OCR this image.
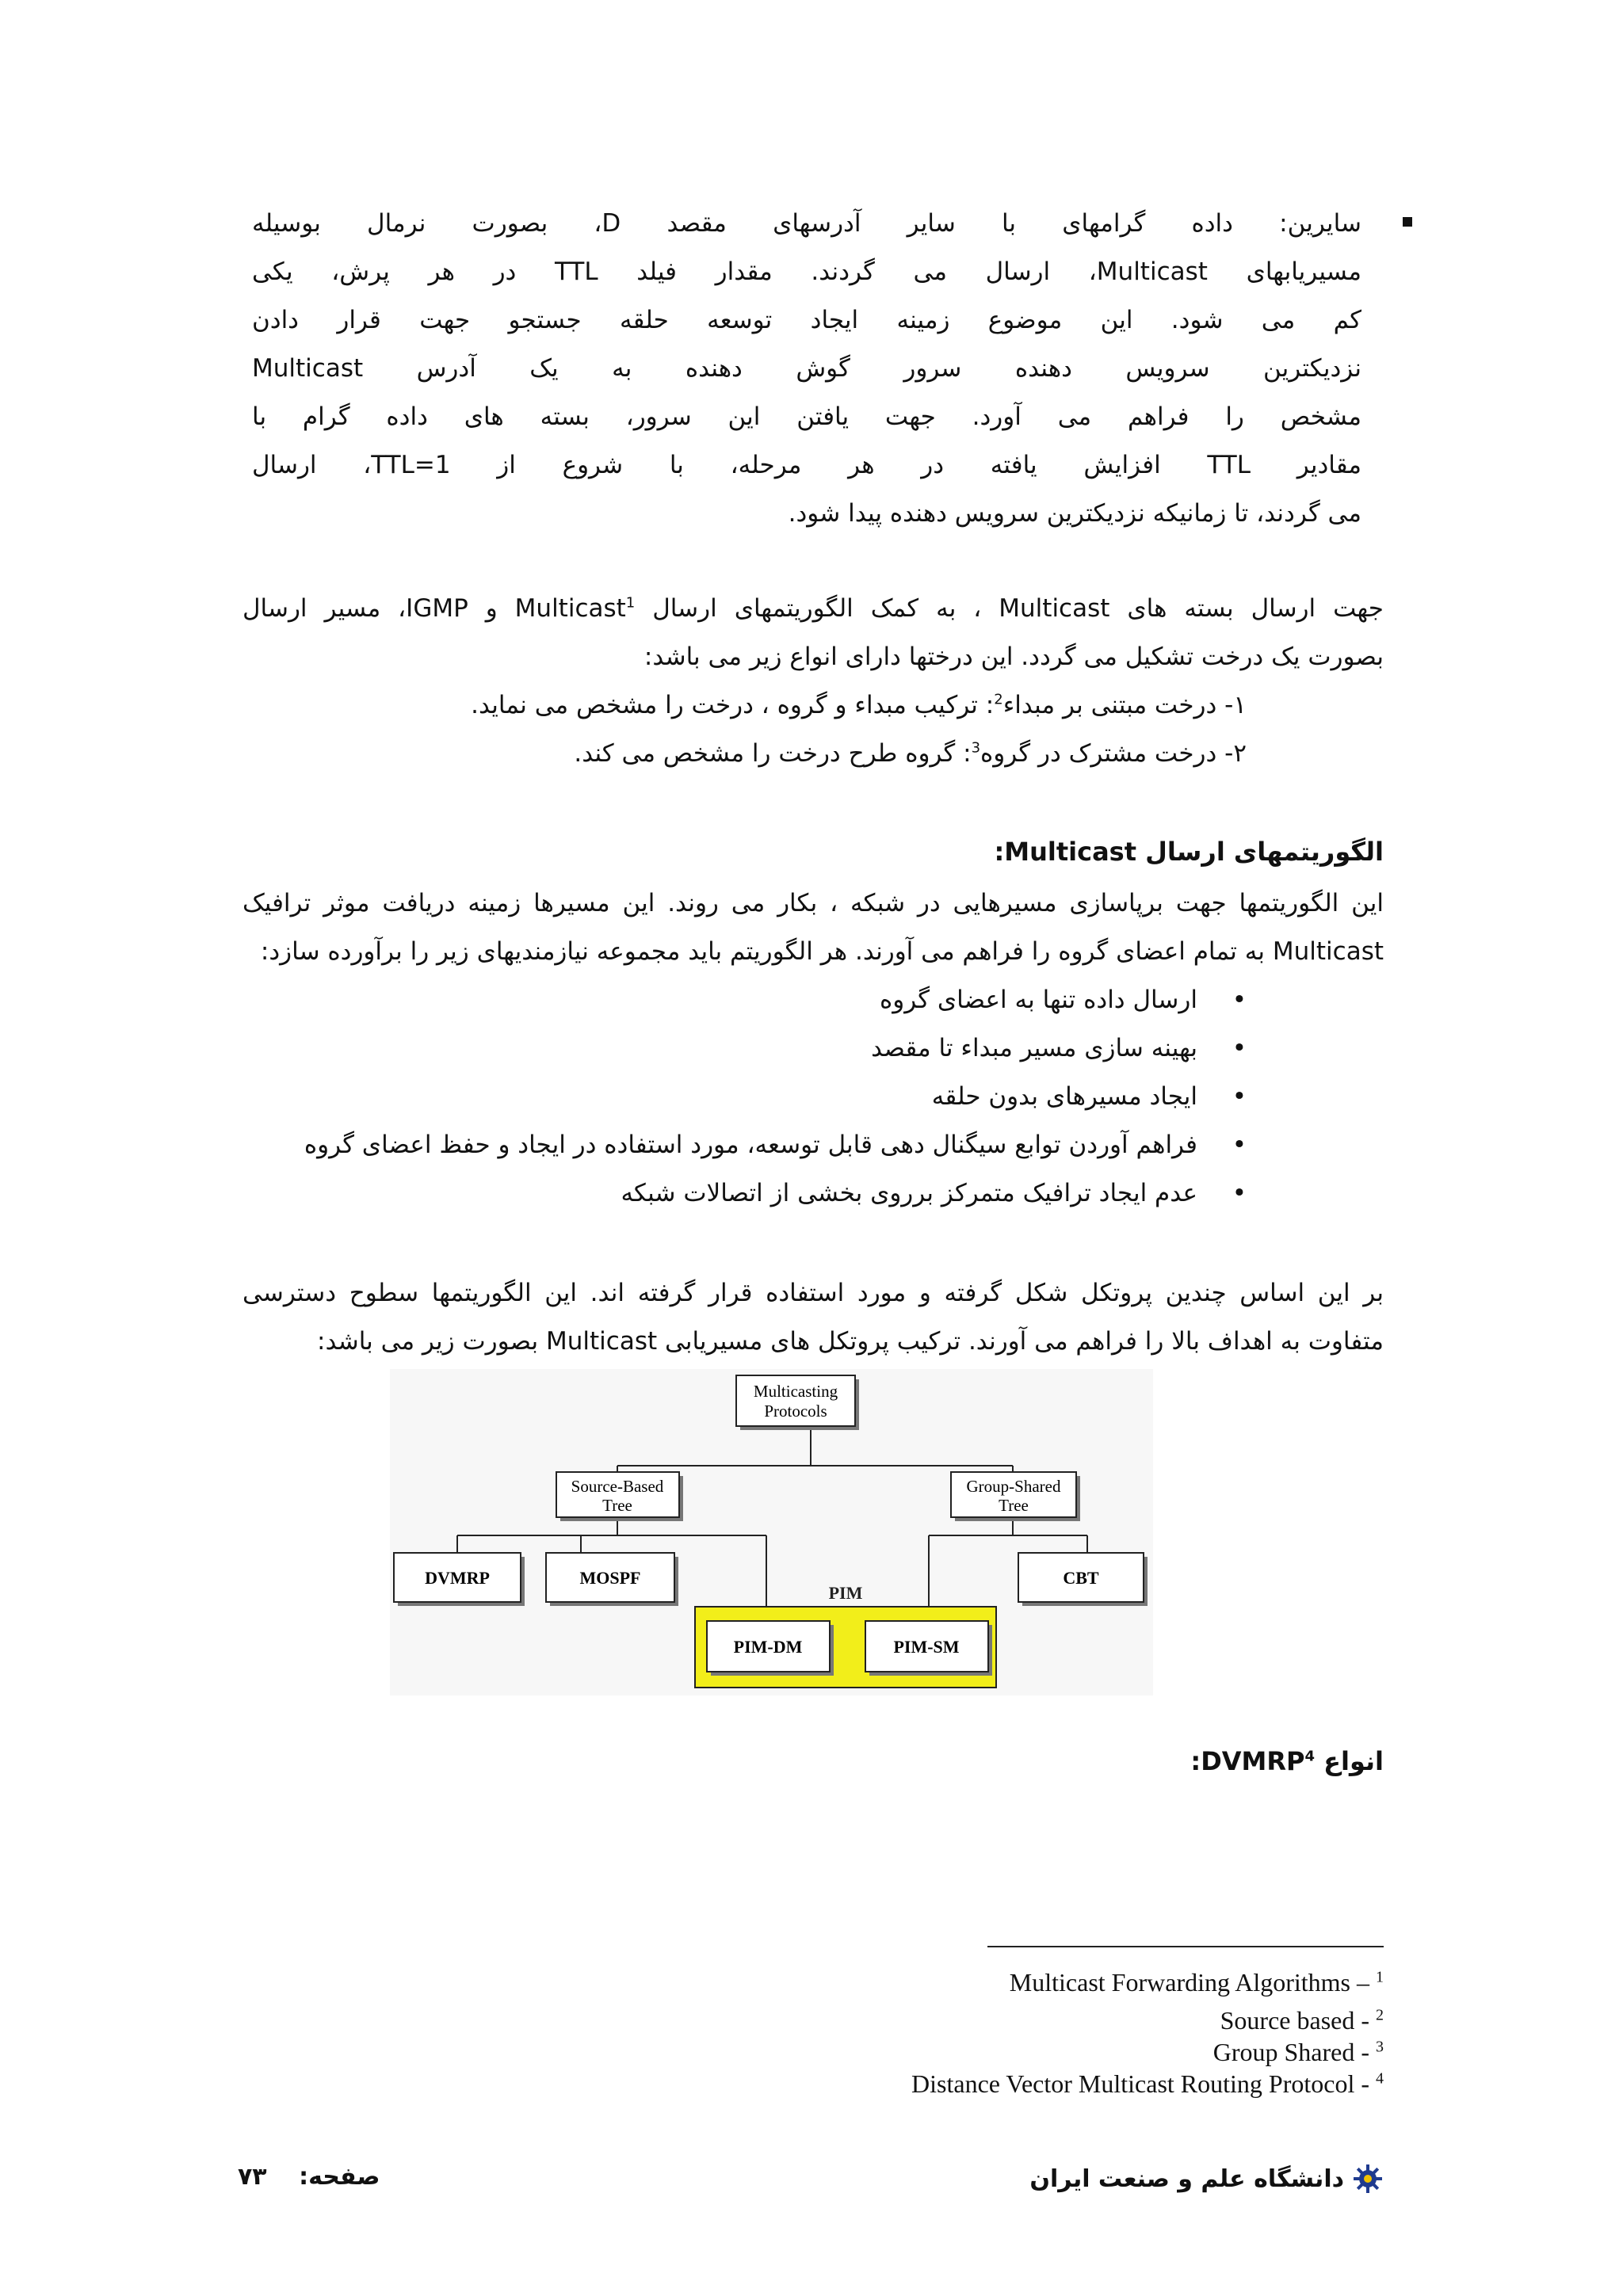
سایرین: داده گرامهای با سایر آدرسهای مقصد D، بصورت نرمال بوسیله

مسیریابهای Multicast، ارسال می گردند. مقدار فیلد TTL در هر پرش، یکی

کم می شود. این موضوع زمینه ایجاد توسعه حلقه جستجو جهت قرار دادن

نزدیکترین سرویس دهنده سرور گوش دهنده به یک آدرس Multicast

مشخص را فراهم می آورد. جهت یافتن این سرور، بسته های داده گرام با

مقادیر TTL افزایش یافته در هر مرحله، با شروع از TTL=1، ارسال

می گردند، تا زمانیکه نزدیکترین سرویس دهنده پیدا شود.

جهت ارسال بسته های Multicast ، به کمک الگوریتمهای ارسال Multicast$^1$ و IGMP، مسیر ارسال

بصورت یک درخت تشکیل می گردد. این درختها دارای انواع زیر می باشد:

۱- درخت مبتنی بر مبداء$^2$: ترکیب مبداء و گروه ، درخت را مشخص می نماید.
۲- درخت مشترک در گروه$^3$: گروه طرح درخت را مشخص می کند.
الگوریتمهای ارسال Multicast:

این الگوریتمها جهت برپاسازی مسیرهایی در شبکه ، بکار می روند. این مسیرها زمینه دریافت موثر ترافیک

Multicast به تمام اعضای گروه را فراهم می آورند. هر الگوریتم باید مجموعه نیازمندیهای زیر را برآورده سازد:

•
ارسال داده تنها به اعضای گروه
•
بهینه سازی مسیر مبداء تا مقصد
•
ایجاد مسیرهای بدون حلقه
•
فراهم آوردن توابع سیگنال دهی قابل توسعه، مورد استفاده در ایجاد و حفظ اعضای گروه
•
عدم ایجاد ترافیک متمرکز برروی بخشی از اتصالات شبکه

بر این اساس چندین پروتکل شکل گرفته و مورد استفاده قرار گرفته اند. این الگوریتمها سطوح دسترسی

متفاوت به اهداف بالا را فراهم می آورند. ترکیب پروتکل های مسیریابی Multicast بصورت زیر می باشد:

PIM
Multicasting
Protocols
Source-Based
Tree
Group-Shared
Tree
DVMRP	MOSPF	CBT
PIM-DM	PIM-SM
انواع DVMRP$^4$:
Multicast Forwarding Algorithms – $^1$
Source based - $^2$
Group Shared - $^3$
Distance Vector Multicast Routing Protocol - $^4$
دانشگاه علم و صنعت ایران
صفحه: ۷۳
